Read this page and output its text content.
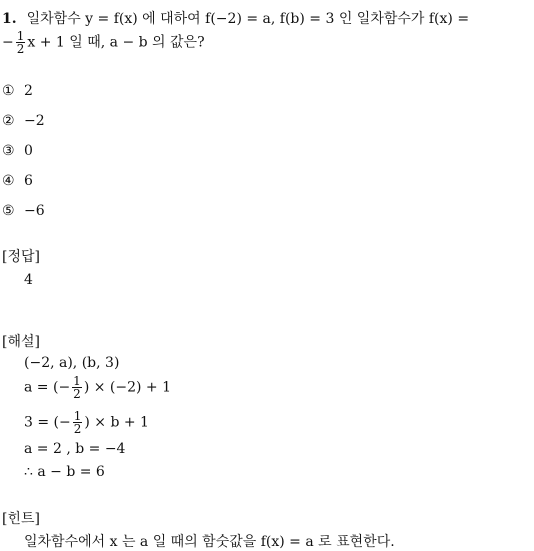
1. 일차함수 y = f(x) 에 대하여 f(−2) = a, f(b) = 3 인 일차함수가 f(x) =
− $\frac{1}{2}$ x + 1 일 때, a − b 의 값은?
① 2
② −2
③ 0
④ 6
⑤ −6
[정답]
4
[해설]
(−2, a), (b, 3)
a = (− $\frac{1}{2}$ ) × (−2) + 1
3 = (− $\frac{1}{2}$ ) × b + 1
a = 2 , b = −4
∴ a − b = 6
[힌트]
일차함수에서 x 는 a 일 때의 함숫값을 f(x) = a 로 표현한다.
